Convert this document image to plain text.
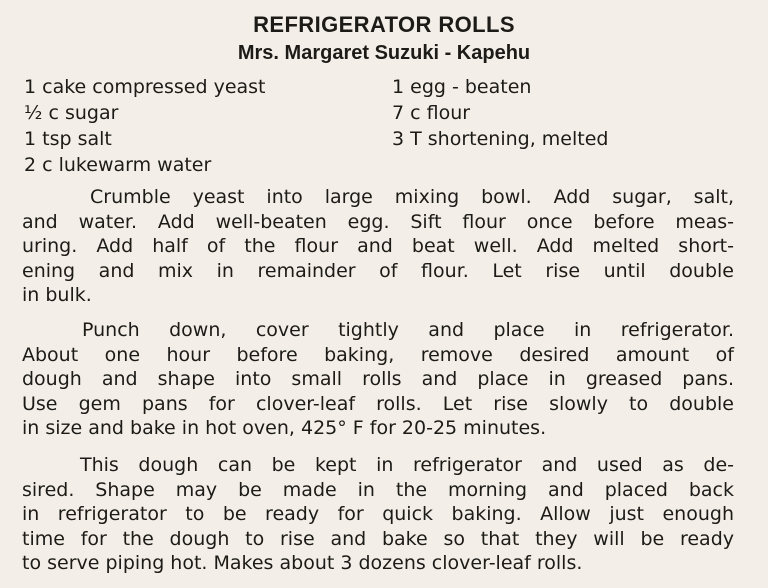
REFRIGERATOR ROLLS
Mrs. Margaret Suzuki - Kapehu
1 cake compressed yeast
½ c sugar
1 tsp salt
2 c lukewarm water
1 egg - beaten
7 c flour
3 T shortening, melted
Crumble yeast into large mixing bowl. Add sugar, salt,
and water. Add well-beaten egg. Sift flour once before meas-
uring. Add half of the flour and beat well. Add melted short-
ening and mix in remainder of flour. Let rise until double
in bulk.
Punch down, cover tightly and place in refrigerator.
About one hour before baking, remove desired amount of
dough and shape into small rolls and place in greased pans.
Use gem pans for clover-leaf rolls. Let rise slowly to double
in size and bake in hot oven, 425° F for 20-25 minutes.
This dough can be kept in refrigerator and used as de-
sired. Shape may be made in the morning and placed back
in refrigerator to be ready for quick baking. Allow just enough
time for the dough to rise and bake so that they will be ready
to serve piping hot. Makes about 3 dozens clover-leaf rolls.
